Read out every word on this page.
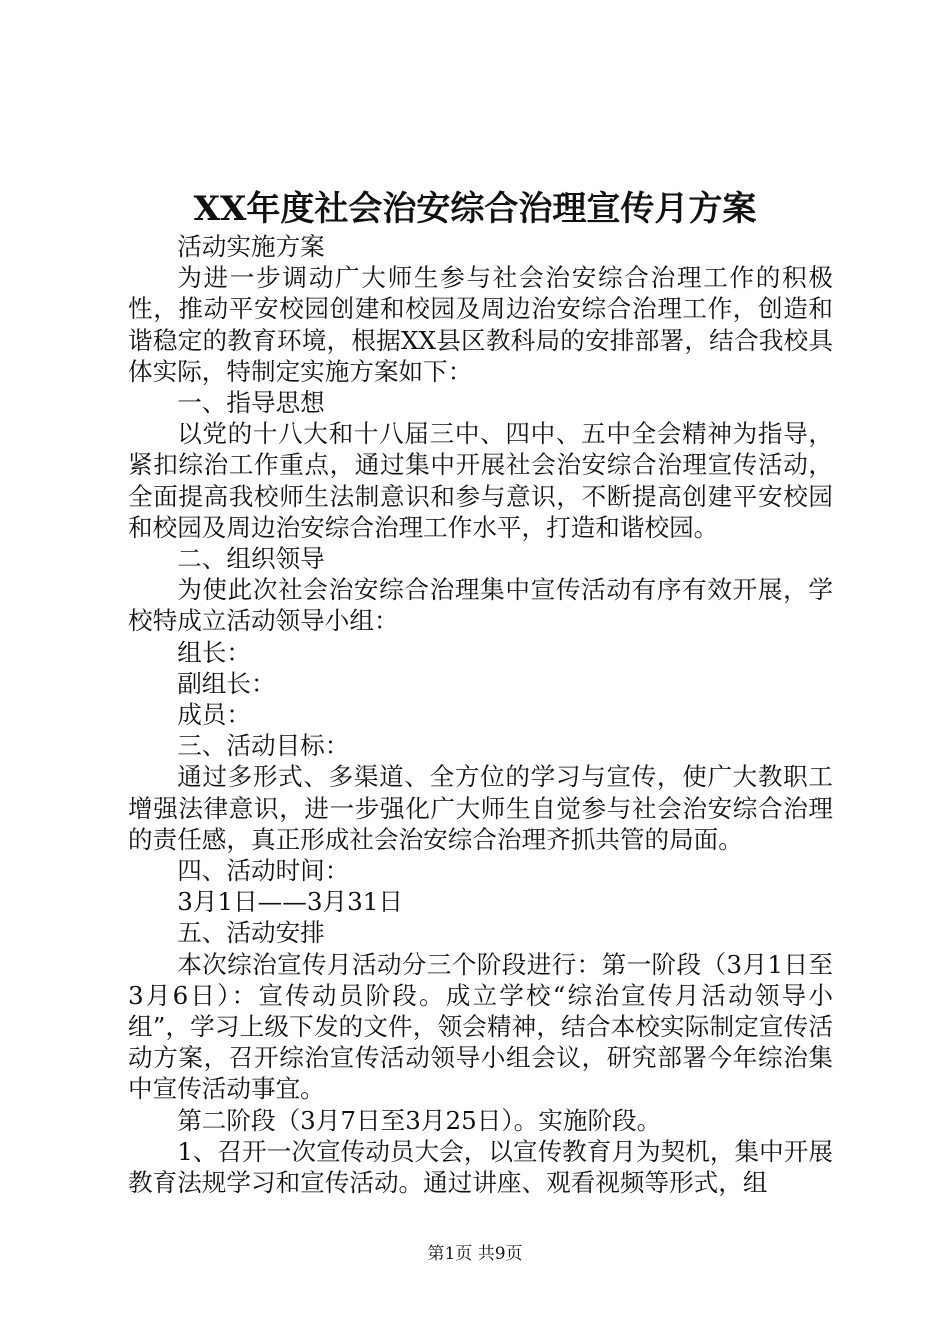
XX年度社会治安综合治理宣传月方案

活动实施方案

为进一步调动广大师生参与社会治安综合治理工作的积极性，推动平安校园创建和校园及周边治安综合治理工作，创造和谐稳定的教育环境，根据XX县区教科局的安排部署，结合我校具体实际，特制定实施方案如下：

一、指导思想

以党的十八大和十八届三中、四中、五中全会精神为指导，紧扣综治工作重点，通过集中开展社会治安综合治理宣传活动，全面提高我校师生法制意识和参与意识，不断提高创建平安校园和校园及周边治安综合治理工作水平，打造和谐校园。

二、组织领导

为使此次社会治安综合治理集中宣传活动有序有效开展，学校特成立活动领导小组：

组长：

副组长：

成员：

三、活动目标：

通过多形式、多渠道、全方位的学习与宣传，使广大教职工增强法律意识，进一步强化广大师生自觉参与社会治安综合治理的责任感，真正形成社会治安综合治理齐抓共管的局面。

四、活动时间：

3月1日——3月31日

五、活动安排

本次综治宣传月活动分三个阶段进行：第一阶段（3月1日至3月6日）：宣传动员阶段。成立学校“综治宣传月活动领导小组”，学习上级下发的文件，领会精神，结合本校实际制定宣传活动方案，召开综治宣传活动领导小组会议，研究部署今年综治集中宣传活动事宜。

第二阶段（3月7日至3月25日）。实施阶段。

1、召开一次宣传动员大会，以宣传教育月为契机，集中开展教育法规学习和宣传活动。通过讲座、观看视频等形式，组

第1页 共9页
